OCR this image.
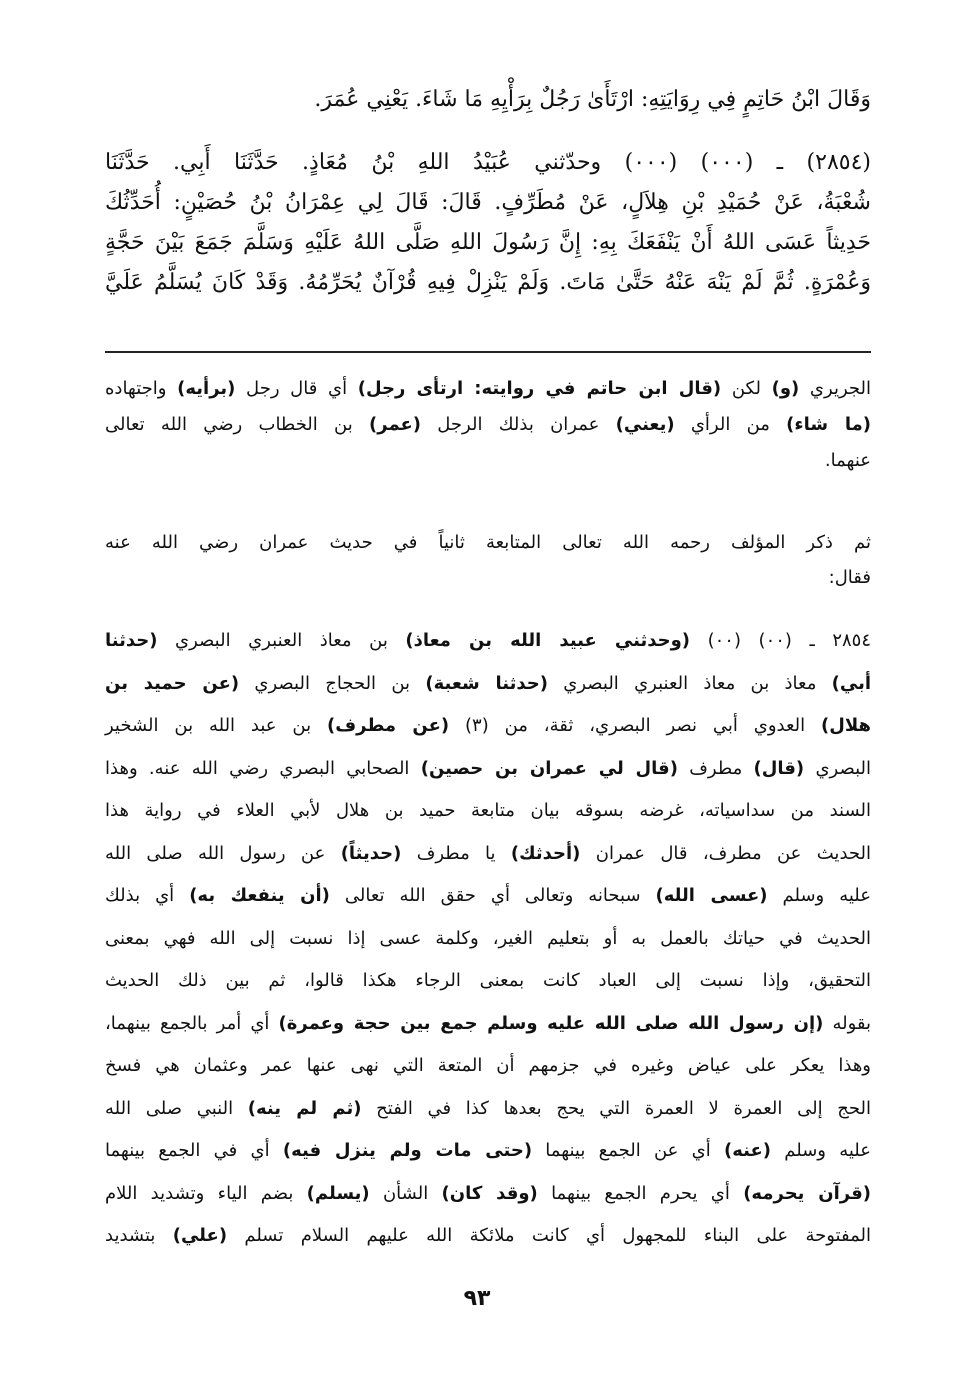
وَقَالَ ابْنُ حَاتِمٍ فِي رِوَايَتِهِ: ارْتَأَىٰ رَجُلٌ بِرَأْيِهِ مَا شَاءَ. يَعْنِي عُمَرَ.
(٢٨٥٤) ـ (٠٠٠) (٠٠٠) وحدّثني عُبَيْدُ اللهِ بْنُ مُعَاذٍ. حَدَّثَنَا أَبِي. حَدَّثَنَا
شُعْبَةُ، عَنْ حُمَيْدِ بْنِ هِلاَلٍ، عَنْ مُطَرِّفٍ. قَالَ: قَالَ لِي عِمْرَانُ بْنُ حُصَيْنٍ: أُحَدِّثُكَ
حَدِيثاً عَسَى اللهُ أَنْ يَنْفَعَكَ بِهِ: إِنَّ رَسُولَ اللهِ صَلَّى اللهُ عَلَيْهِ وَسَلَّمَ جَمَعَ بَيْنَ حَجَّةٍ
وَعُمْرَةٍ. ثُمَّ لَمْ يَنْهَ عَنْهُ حَتَّىٰ مَاتَ. وَلَمْ يَنْزِلْ فِيهِ قُرْآنٌ يُحَرِّمُهُ. وَقَدْ كَانَ يُسَلَّمُ عَلَيَّ
الجريري (و) لكن (قال ابن حاتم في روايته: ارتأى رجل) أي قال رجل (برأيه) واجتهاده
(ما شاء) من الرأي (يعني) عمران بذلك الرجل (عمر) بن الخطاب رضي الله تعالى
عنهما.
ثم ذكر المؤلف رحمه الله تعالى المتابعة ثانياً في حديث عمران رضي الله عنه
فقال:
٢٨٥٤ ـ (٠٠) (٠٠) (وحدثني عبيد الله بن معاذ) بن معاذ العنبري البصري (حدثنا
أبي) معاذ بن معاذ العنبري البصري (حدثنا شعبة) بن الحجاج البصري (عن حميد بن
هلال) العدوي أبي نصر البصري، ثقة، من (٣) (عن مطرف) بن عبد الله بن الشخير
البصري (قال) مطرف (قال لي عمران بن حصين) الصحابي البصري رضي الله عنه. وهذا
السند من سداسياته، غرضه بسوقه بيان متابعة حميد بن هلال لأبي العلاء في رواية هذا
الحديث عن مطرف، قال عمران (أحدثك) يا مطرف (حديثاً) عن رسول الله صلى الله
عليه وسلم (عسى الله) سبحانه وتعالى أي حقق الله تعالى (أن ينفعك به) أي بذلك
الحديث في حياتك بالعمل به أو بتعليم الغير، وكلمة عسى إذا نسبت إلى الله فهي بمعنى
التحقيق، وإذا نسبت إلى العباد كانت بمعنى الرجاء هكذا قالوا، ثم بين ذلك الحديث
بقوله (إن رسول الله صلى الله عليه وسلم جمع بين حجة وعمرة) أي أمر بالجمع بينهما،
وهذا يعكر على عياض وغيره في جزمهم أن المتعة التي نهى عنها عمر وعثمان هي فسخ
الحج إلى العمرة لا العمرة التي يحج بعدها كذا في الفتح (ثم لم ينه) النبي صلى الله
عليه وسلم (عنه) أي عن الجمع بينهما (حتى مات ولم ينزل فيه) أي في الجمع بينهما
(قرآن يحرمه) أي يحرم الجمع بينهما (وقد كان) الشأن (يسلم) بضم الياء وتشديد اللام
المفتوحة على البناء للمجهول أي كانت ملائكة الله عليهم السلام تسلم (علي) بتشديد
٩٣
